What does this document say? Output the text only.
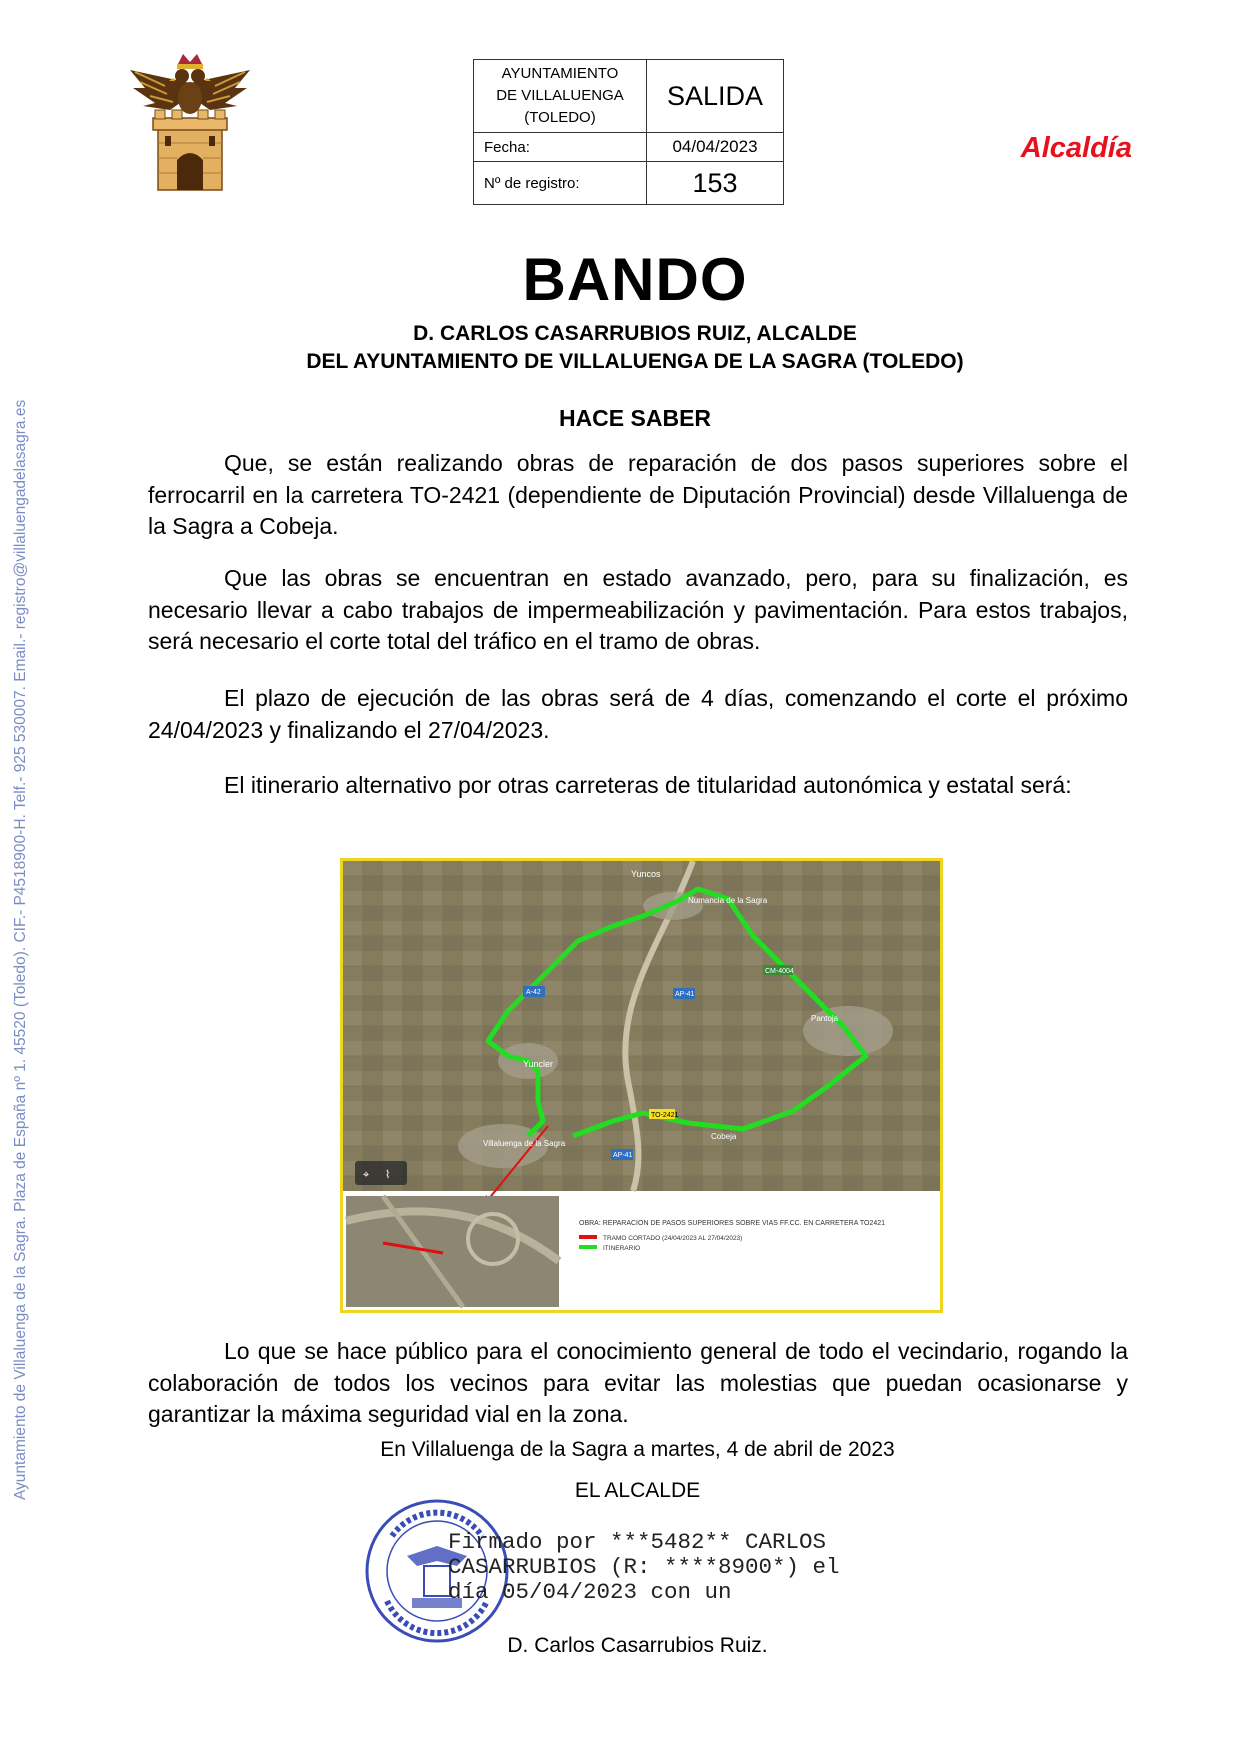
AYUNTAMIENTO
DE VILLALUENGA
(TOLEDO)	SALIDA
Fecha:	04/04/2023
Nº de registro:	153
Alcaldía
Ayuntamiento de Villaluenga de la Sagra. Plaza de España nº 1. 45520 (Toledo). CIF.- P4518900-H. Telf.- 925 530007. Email.- registro@villaluengadelasagra.es
BANDO
D. CARLOS CASARRUBIOS RUIZ, ALCALDE
DEL AYUNTAMIENTO DE VILLALUENGA DE LA SAGRA (TOLEDO)
HACE SABER
Que, se están realizando obras de reparación de dos pasos superiores sobre el ferrocarril en la carretera TO-2421 (dependiente de Diputación Provincial) desde Villaluenga de la Sagra a Cobeja.
Que las obras se encuentran en estado avanzado, pero, para su finalización, es necesario llevar a cabo trabajos de impermeabilización y pavimentación. Para estos trabajos, será necesario el corte total del tráfico en el tramo de obras.
El plazo de ejecución de las obras será de 4 días, comenzando el corte el próximo 24/04/2023 y finalizando el 27/04/2023.
El itinerario alternativo por otras carreteras de titularidad autonómica y estatal será:
Yuncos
Numancia de la Sagra
CM-4004
A-42	AP-41
Pantoja
Yuncler
TO-2421
Cobeja
Villaluenga de la Sagra
AP-41
⌖ ⌇
OBRA: REPARACION DE PASOS SUPERIORES SOBRE VIAS FF.CC. EN CARRETERA TO2421
TRAMO CORTADO (24/04/2023 AL 27/04/2023)
ITINERARIO
Lo que se hace público para el conocimiento general de todo el vecindario, rogando la colaboración de todos los vecinos para evitar las molestias que puedan ocasionarse y garantizar la máxima seguridad vial en la zona.
En Villaluenga de la Sagra a martes, 4 de abril de 2023
EL ALCALDE
Firmado por ***5482** CARLOS
CASARRUBIOS (R: ****8900*) el
día 05/04/2023 con un
D. Carlos Casarrubios Ruiz.
